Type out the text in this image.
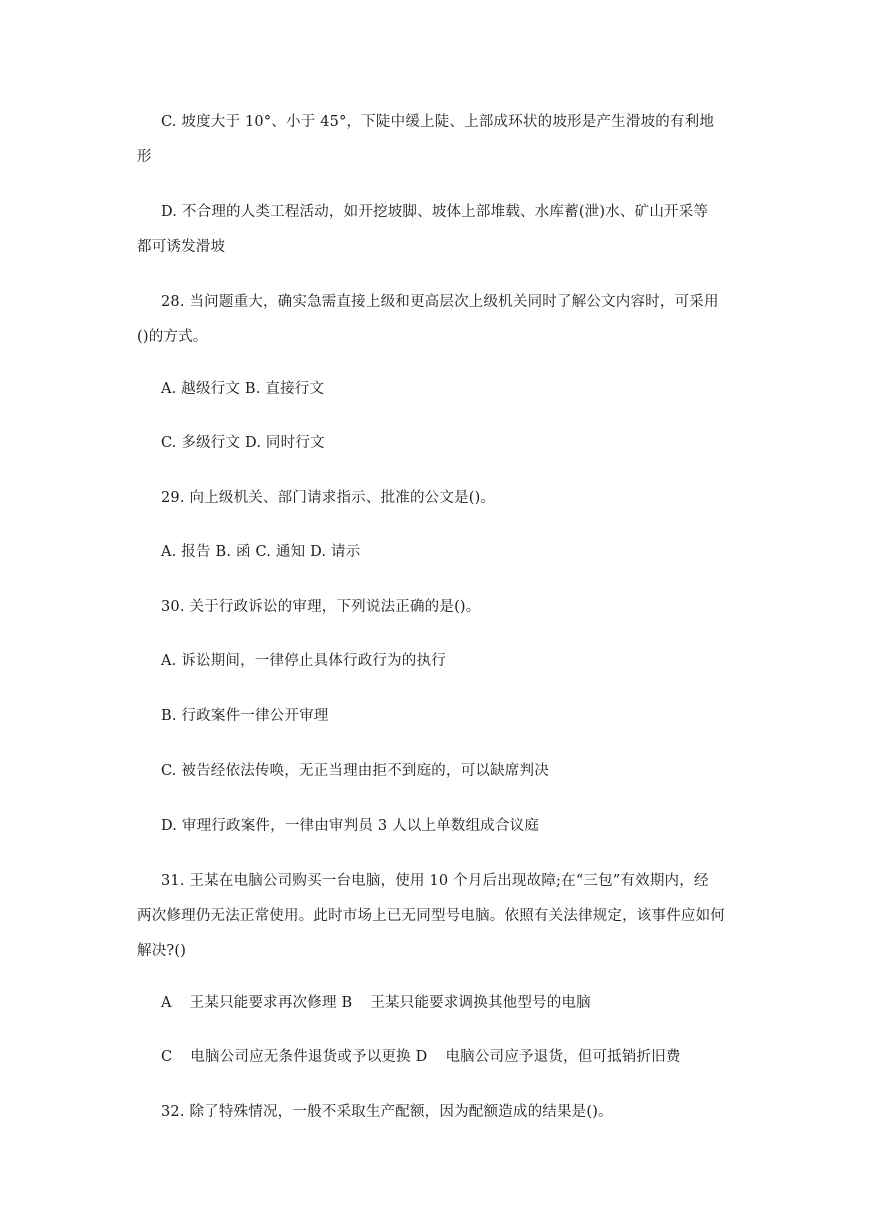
C. 坡度大于 10°、小于 45°，下陡中缓上陡、上部成环状的坡形是产生滑坡的有利地
形
D. 不合理的人类工程活动，如开挖坡脚、坡体上部堆载、水库蓄(泄)水、矿山开采等
都可诱发滑坡
28. 当问题重大，确实急需直接上级和更高层次上级机关同时了解公文内容时，可采用
()的方式。
A. 越级行文 B. 直接行文
C. 多级行文 D. 同时行文
29. 向上级机关、部门请求指示、批准的公文是()。
A. 报告 B. 函 C. 通知 D. 请示
30. 关于行政诉讼的审理，下列说法正确的是()。
A. 诉讼期间，一律停止具体行政行为的执行
B. 行政案件一律公开审理
C. 被告经依法传唤，无正当理由拒不到庭的，可以缺席判决
D. 审理行政案件，一律由审判员 3 人以上单数组成合议庭
31. 王某在电脑公司购买一台电脑，使用 10 个月后出现故障;在“三包”有效期内，经
两次修理仍无法正常使用。此时市场上已无同型号电脑。依照有关法律规定，该事件应如何
解决?()
A 王某只能要求再次修理 B 王某只能要求调换其他型号的电脑
C 电脑公司应无条件退货或予以更换 D 电脑公司应予退货，但可抵销折旧费
32. 除了特殊情况，一般不采取生产配额，因为配额造成的结果是()。
